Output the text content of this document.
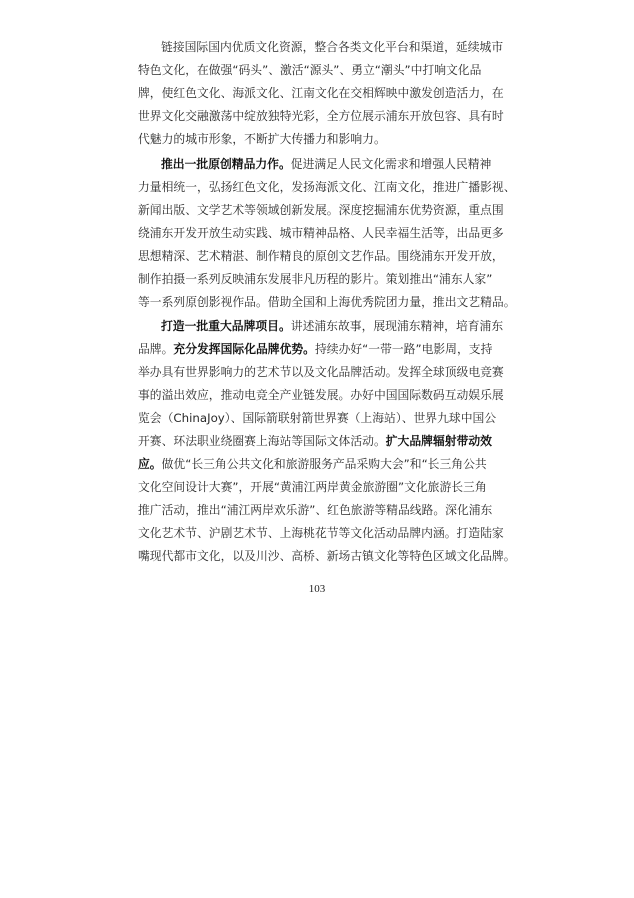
链接国际国内优质文化资源，整合各类文化平台和渠道，延续城市
特色文化，在做强“码头”、激活“源头”、勇立“潮头”中打响文化品
牌，使红色文化、海派文化、江南文化在交相辉映中激发创造活力，在
世界文化交融激荡中绽放独特光彩，全方位展示浦东开放包容、具有时
代魅力的城市形象，不断扩大传播力和影响力。
推出一批原创精品力作。促进满足人民文化需求和增强人民精神
力量相统一，弘扬红色文化，发扬海派文化、江南文化，推进广播影视、
新闻出版、文学艺术等领域创新发展。深度挖掘浦东优势资源，重点围
绕浦东开发开放生动实践、城市精神品格、人民幸福生活等，出品更多
思想精深、艺术精湛、制作精良的原创文艺作品。围绕浦东开发开放，
制作拍摄一系列反映浦东发展非凡历程的影片。策划推出“浦东人家”
等一系列原创影视作品。借助全国和上海优秀院团力量，推出文艺精品。
打造一批重大品牌项目。讲述浦东故事，展现浦东精神，培育浦东
品牌。充分发挥国际化品牌优势。持续办好“一带一路”电影周，支持
举办具有世界影响力的艺术节以及文化品牌活动。发挥全球顶级电竞赛
事的溢出效应，推动电竞全产业链发展。办好中国国际数码互动娱乐展
览会（ChinaJoy）、国际箭联射箭世界赛（上海站）、世界九球中国公
开赛、环法职业绕圈赛上海站等国际文体活动。扩大品牌辐射带动效
应。做优“长三角公共文化和旅游服务产品采购大会”和“长三角公共
文化空间设计大赛”，开展“黄浦江两岸黄金旅游圈”文化旅游长三角
推广活动，推出“浦江两岸欢乐游”、红色旅游等精品线路。深化浦东
文化艺术节、沪剧艺术节、上海桃花节等文化活动品牌内涵。打造陆家
嘴现代都市文化，以及川沙、高桥、新场古镇文化等特色区域文化品牌。
103
